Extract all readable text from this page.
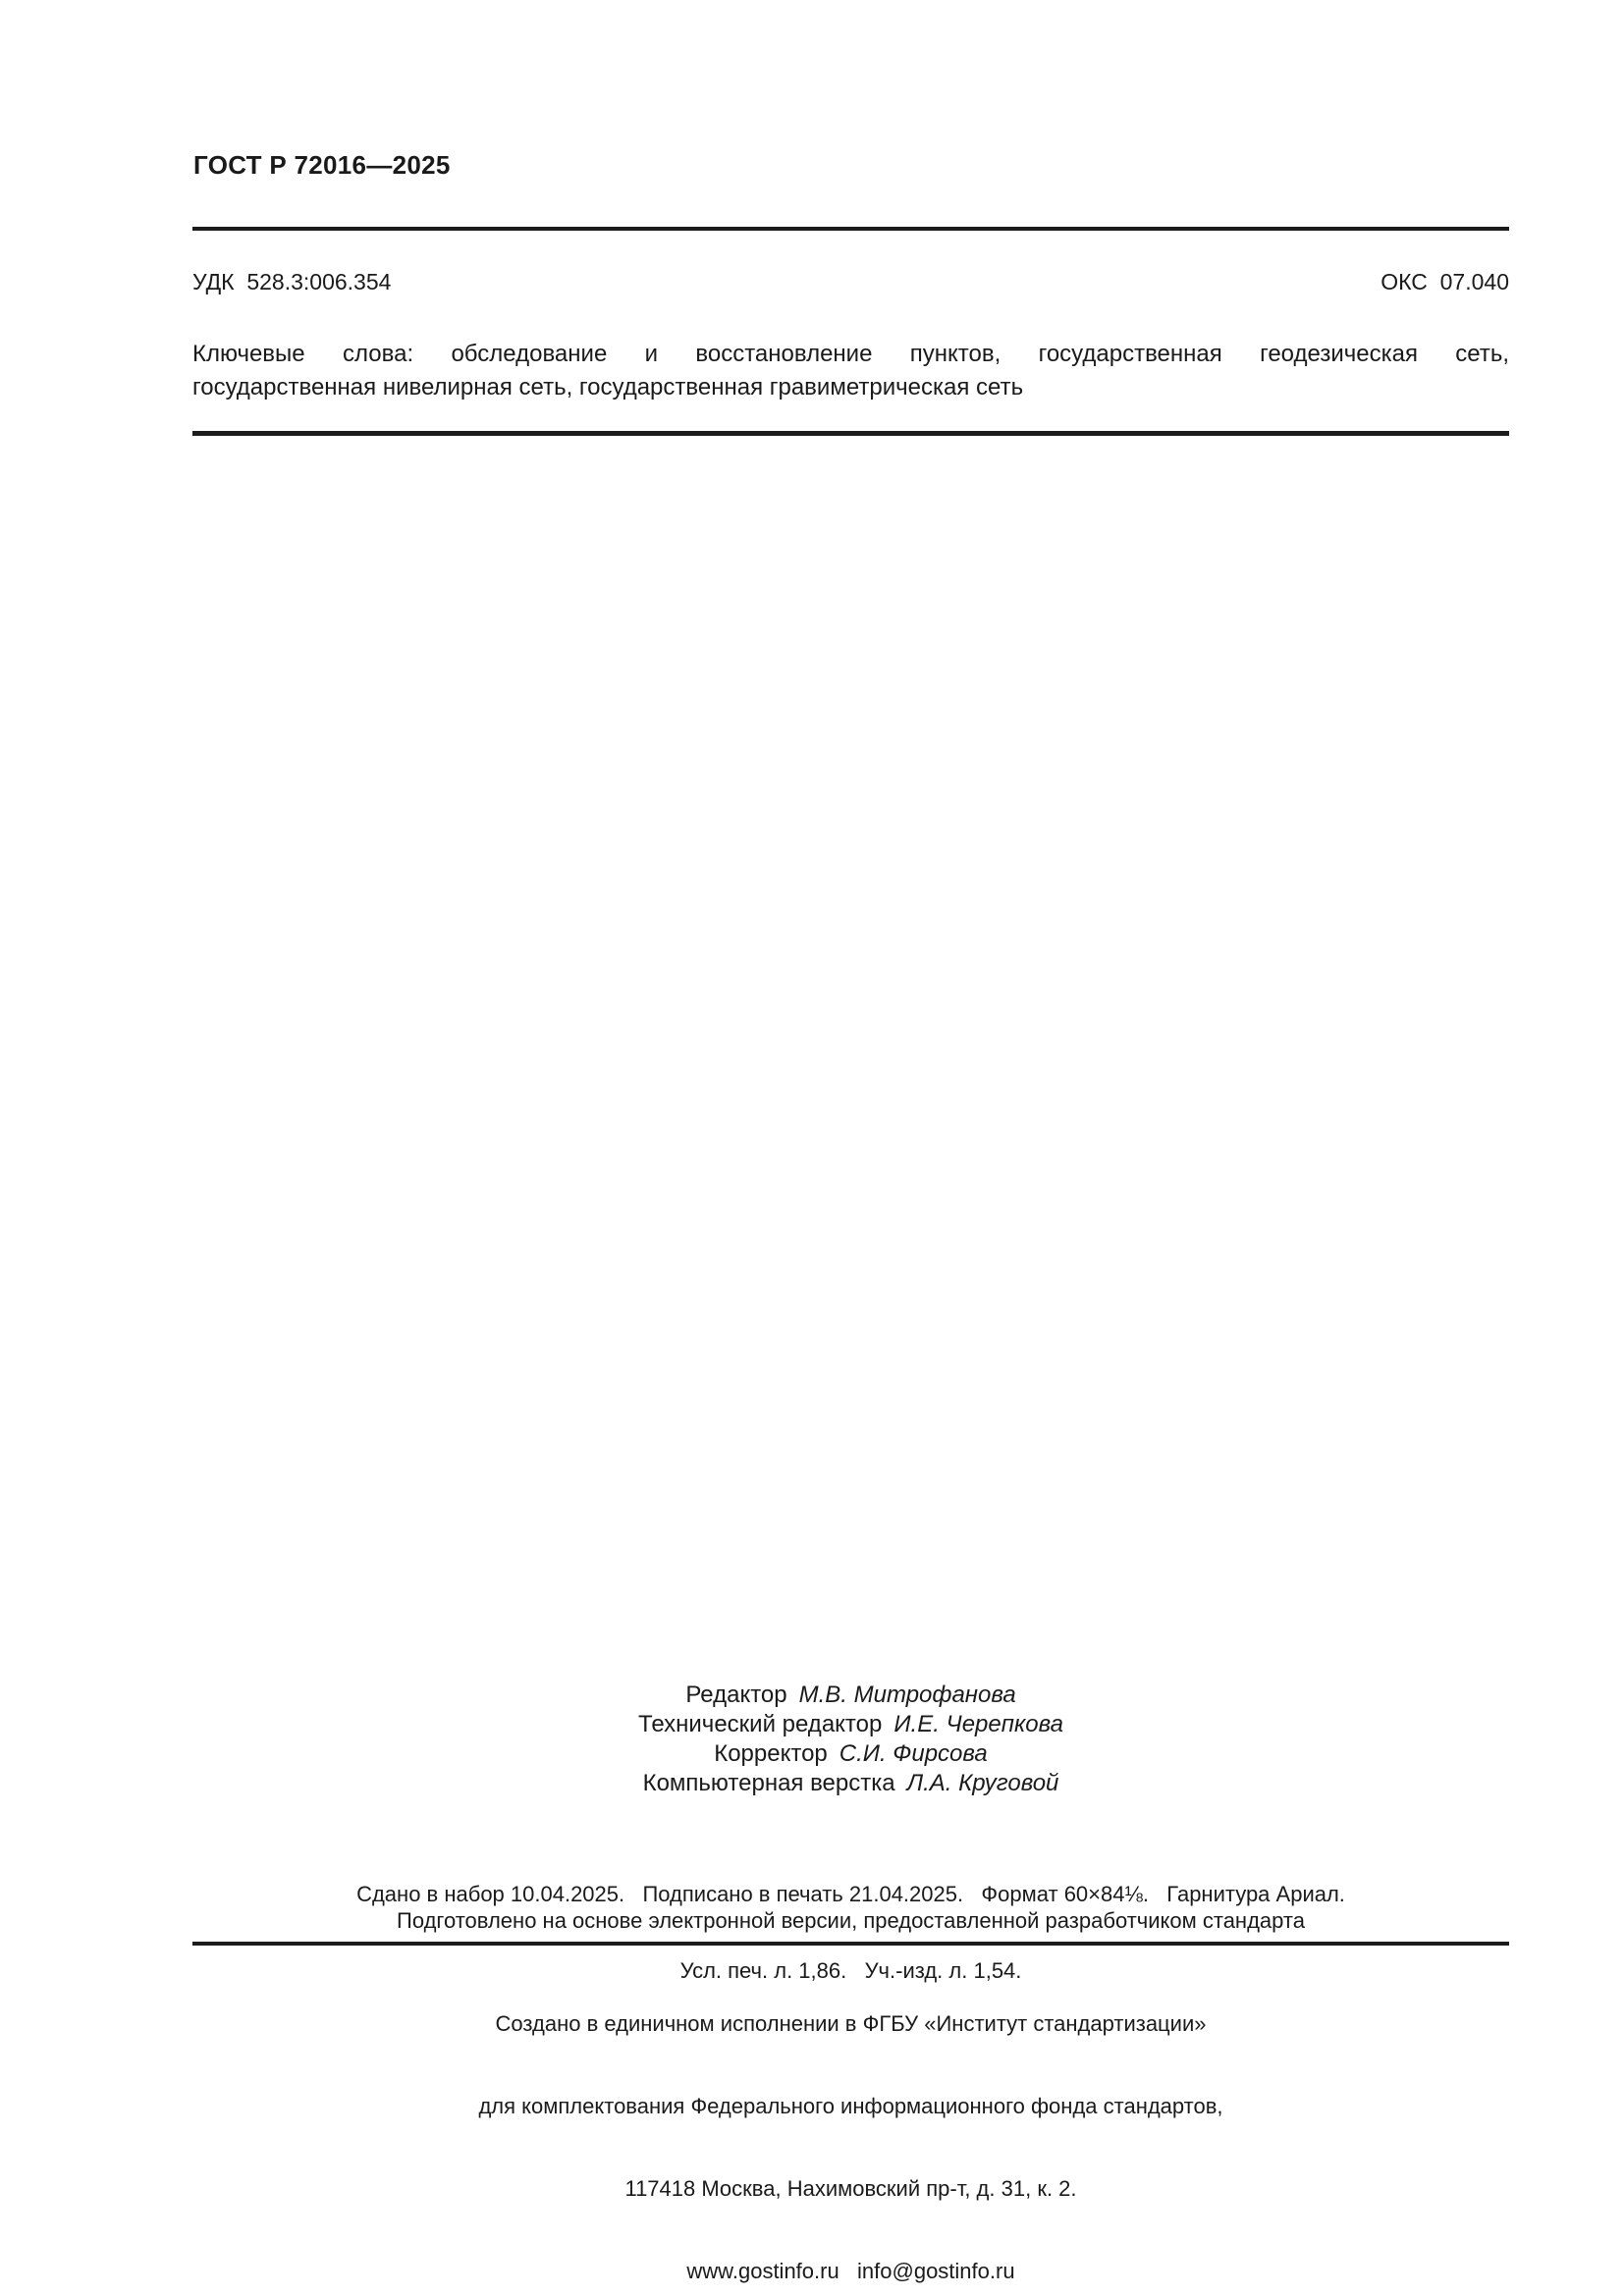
ГОСТ Р 72016—2025
УДК  528.3:006.354	ОКС  07.040
Ключевые слова: обследование и восстановление пунктов, государственная геодезическая сеть,
государственная нивелирная сеть, государственная гравиметрическая сеть
Редактор М.В. Митрофанова
Технический редактор И.Е. Черепкова
Корректор С.И. Фирсова
Компьютерная верстка Л.А. Круговой

Сдано в набор 10.04.2025.   Подписано в печать 21.04.2025.   Формат 60×84⅛.   Гарнитура Ариал.

Усл. печ. л. 1,86.   Уч.-изд. л. 1,54.

Подготовлено на основе электронной версии, предоставленной разработчиком стандарта

Создано в единичном исполнении в ФГБУ «Институт стандартизации»

для комплектования Федерального информационного фонда стандартов,

117418 Москва, Нахимовский пр-т, д. 31, к. 2.

www.gostinfo.ru   info@gostinfo.ru
